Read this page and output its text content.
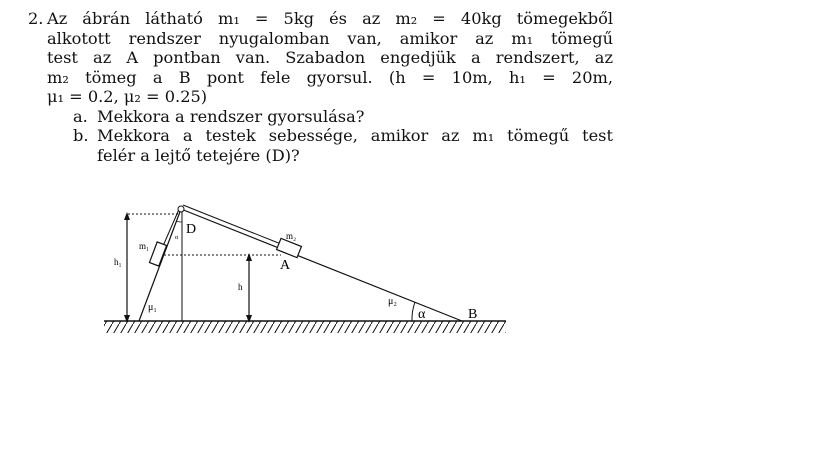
2. Az ábrán látható m₁ = 5kg és az m₂ = 40kg tömegekből
alkotott rendszer nyugalomban van, amikor az m₁ tömegű
test az A pontban van. Szabadon engedjük a rendszert, az
m₂ tömeg a B pont fele gyorsul. (h = 10m, h₁ = 20m,
μ₁ = 0.2, μ₂ = 0.25)
a. Mekkora a rendszer gyorsulása?
b. Mekkora a testek sebessége, amikor az m₁ tömegű test
felér a lejtő tetejére (D)?
D
A
B
h
h₁
m₁
m₂
μ₁
μ₂
α
α
